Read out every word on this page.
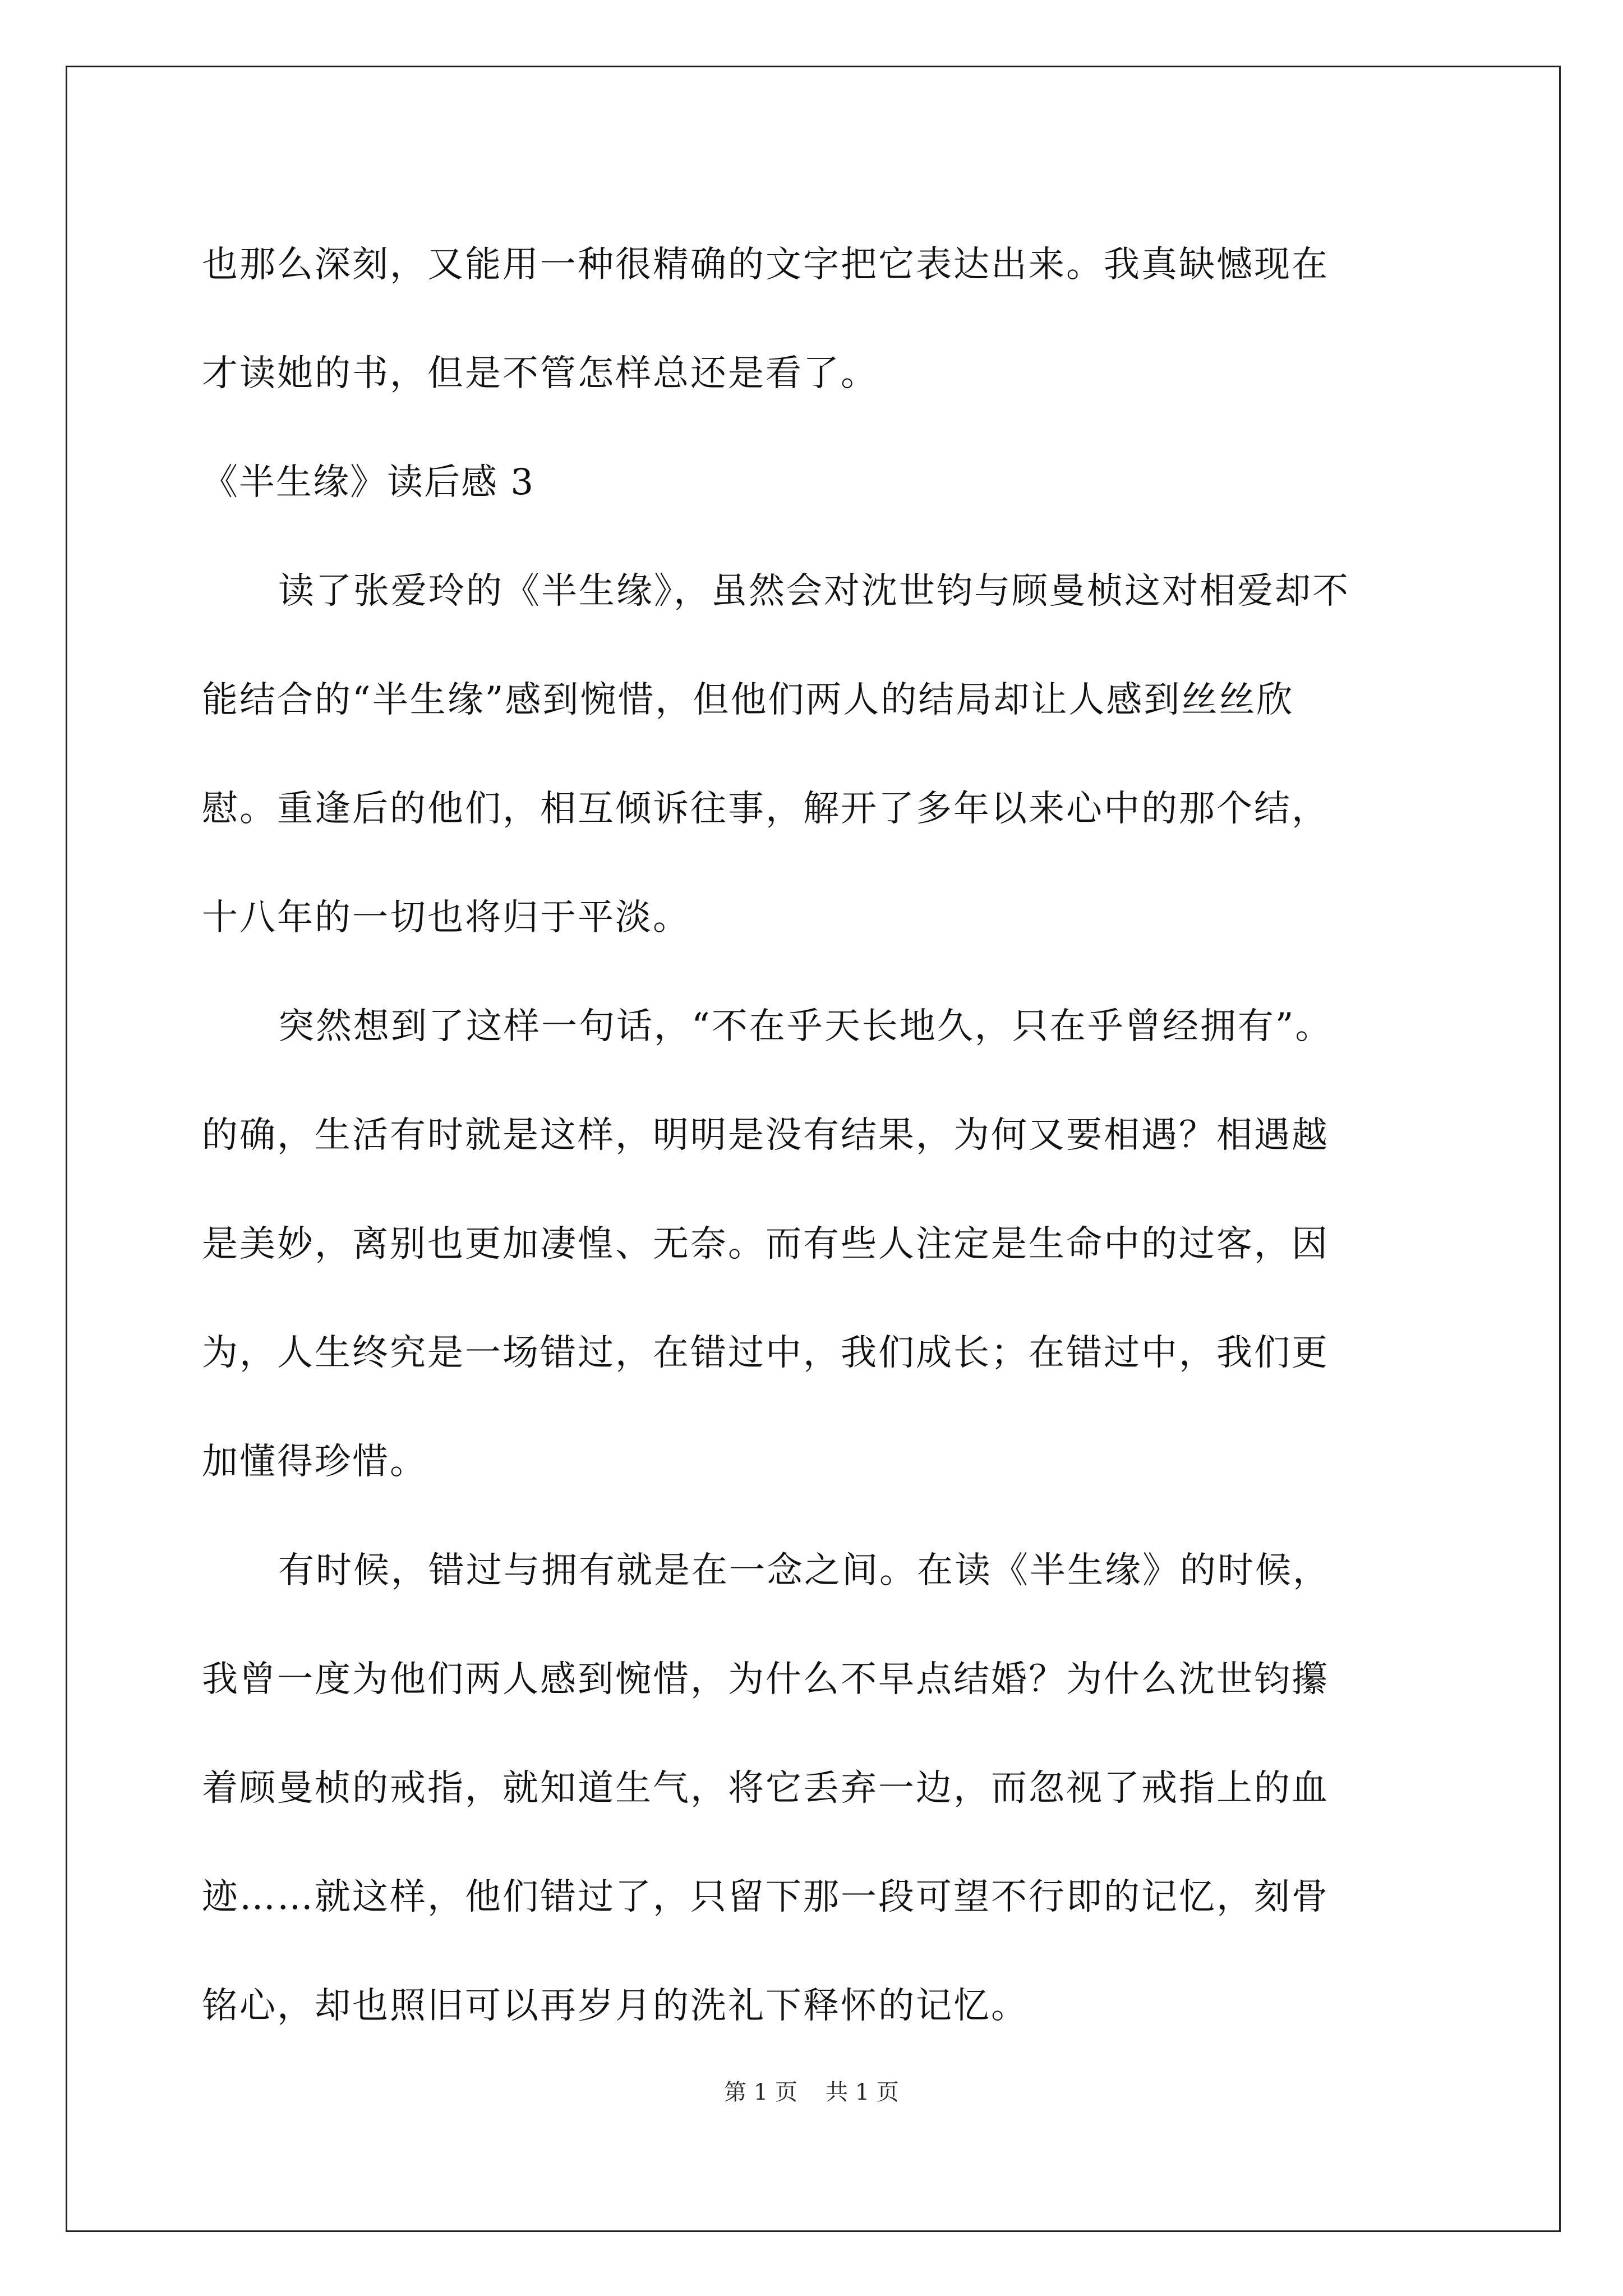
也那么深刻，又能用一种很精确的文字把它表达出来。我真缺憾现在
才读她的书，但是不管怎样总还是看了。
《半生缘》读后感 3
读了张爱玲的《半生缘》，虽然会对沈世钧与顾曼桢这对相爱却不
能结合的“半生缘”感到惋惜，但他们两人的结局却让人感到丝丝欣
慰。重逢后的他们，相互倾诉往事，解开了多年以来心中的那个结，
十八年的一切也将归于平淡。
突然想到了这样一句话，“不在乎天长地久，只在乎曾经拥有”。
的确，生活有时就是这样，明明是没有结果，为何又要相遇？相遇越
是美妙，离别也更加凄惶、无奈。而有些人注定是生命中的过客，因
为，人生终究是一场错过，在错过中，我们成长；在错过中，我们更
加懂得珍惜。
有时候，错过与拥有就是在一念之间。在读《半生缘》的时候，
我曾一度为他们两人感到惋惜，为什么不早点结婚？为什么沈世钧攥
着顾曼桢的戒指，就知道生气，将它丢弃一边，而忽视了戒指上的血
迹……就这样，他们错过了，只留下那一段可望不行即的记忆，刻骨
铭心，却也照旧可以再岁月的洗礼下释怀的记忆。
第 1 页 共 1 页
